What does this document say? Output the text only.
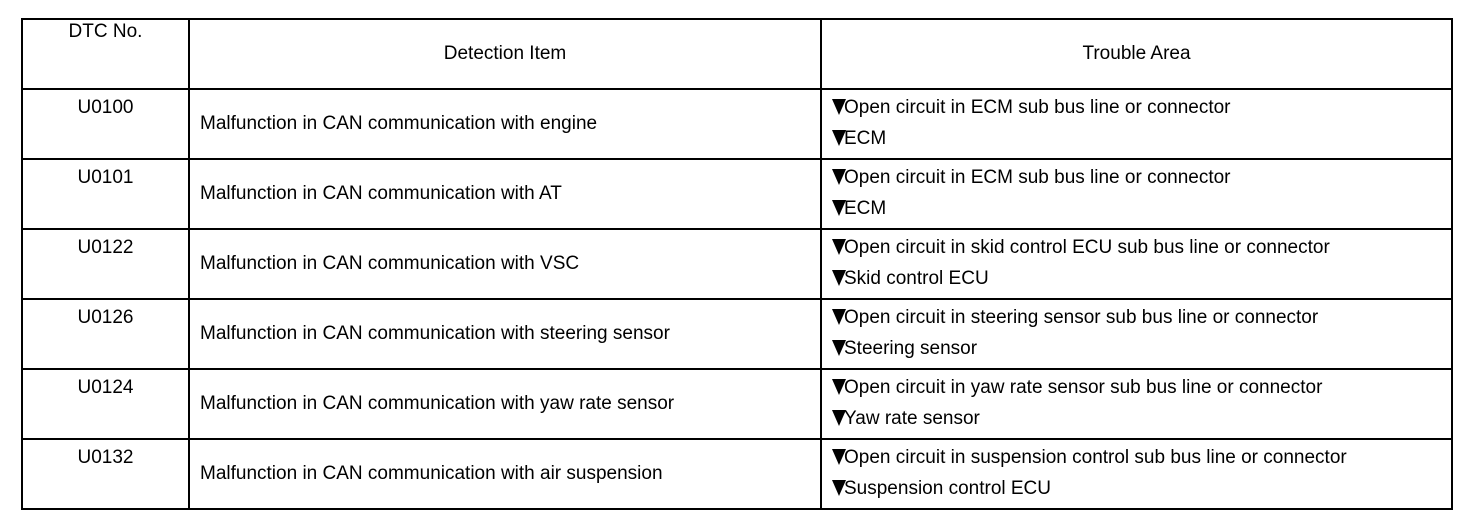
DTC No.	Detection Item	Trouble Area
U0100	Malfunction in CAN communication with engine	Open circuit in ECM sub bus line or connector
ECM

U0101	Malfunction in CAN communication with AT	Open circuit in ECM sub bus line or connector
ECM

U0122	Malfunction in CAN communication with VSC	Open circuit in skid control ECU sub bus line or connector
Skid control ECU

U0126	Malfunction in CAN communication with steering sensor	Open circuit in steering sensor sub bus line or connector
Steering sensor

U0124	Malfunction in CAN communication with yaw rate sensor	Open circuit in yaw rate sensor sub bus line or connector
Yaw rate sensor

U0132	Malfunction in CAN communication with air suspension	Open circuit in suspension control sub bus line or connector
Suspension control ECU
